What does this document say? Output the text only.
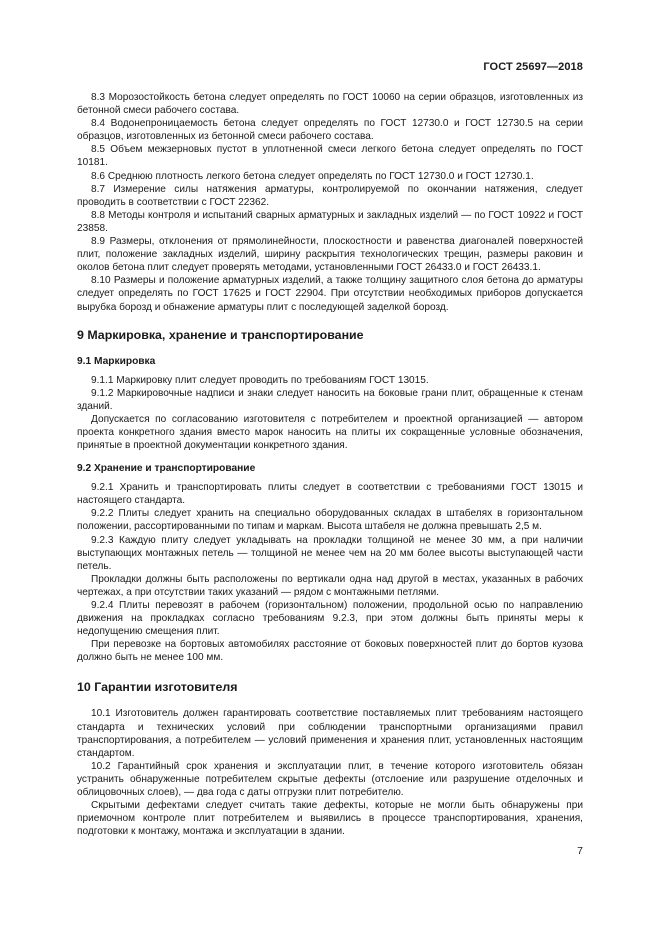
ГОСТ 25697—2018

8.3 Морозостойкость бетона следует определять по ГОСТ 10060 на серии образцов, изготовленных из бетонной смеси рабочего состава.

8.4 Водонепроницаемость бетона следует определять по ГОСТ 12730.0 и ГОСТ 12730.5 на серии образцов, изготовленных из бетонной смеси рабочего состава.

8.5 Объем межзерновых пустот в уплотненной смеси легкого бетона следует определять по ГОСТ 10181.

8.6 Среднюю плотность легкого бетона следует определять по ГОСТ 12730.0 и ГОСТ 12730.1.

8.7 Измерение силы натяжения арматуры, контролируемой по окончании натяжения, следует проводить в соответствии с ГОСТ 22362.

8.8 Методы контроля и испытаний сварных арматурных и закладных изделий — по ГОСТ 10922 и ГОСТ 23858.

8.9 Размеры, отклонения от прямолинейности, плоскостности и равенства диагоналей поверхностей плит, положение закладных изделий, ширину раскрытия технологических трещин, размеры раковин и околов бетона плит следует проверять методами, установленными ГОСТ 26433.0 и ГОСТ 26433.1.

8.10 Размеры и положение арматурных изделий, а также толщину защитного слоя бетона до арматуры следует определять по ГОСТ 17625 и ГОСТ 22904. При отсутствии необходимых приборов допускается вырубка борозд и обнажение арматуры плит с последующей заделкой борозд.

9 Маркировка, хранение и транспортирование
9.1 Маркировка

9.1.1 Маркировку плит следует проводить по требованиям ГОСТ 13015.

9.1.2 Маркировочные надписи и знаки следует наносить на боковые грани плит, обращенные к стенам зданий.

Допускается по согласованию изготовителя с потребителем и проектной организацией — автором проекта конкретного здания вместо марок наносить на плиты их сокращенные условные обозначения, принятые в проектной документации конкретного здания.

9.2 Хранение и транспортирование

9.2.1 Хранить и транспортировать плиты следует в соответствии с требованиями ГОСТ 13015 и настоящего стандарта.

9.2.2 Плиты следует хранить на специально оборудованных складах в штабелях в горизонтальном положении, рассортированными по типам и маркам. Высота штабеля не должна превышать 2,5 м.

9.2.3 Каждую плиту следует укладывать на прокладки толщиной не менее 30 мм, а при наличии выступающих монтажных петель — толщиной не менее чем на 20 мм более высоты выступающей части петель.

Прокладки должны быть расположены по вертикали одна над другой в местах, указанных в рабочих чертежах, а при отсутствии таких указаний — рядом с монтажными петлями.

9.2.4 Плиты перевозят в рабочем (горизонтальном) положении, продольной осью по направлению движения на прокладках согласно требованиям 9.2.3, при этом должны быть приняты меры к недопущению смещения плит.

При перевозке на бортовых автомобилях расстояние от боковых поверхностей плит до бортов кузова должно быть не менее 100 мм.

10 Гарантии изготовителя

10.1 Изготовитель должен гарантировать соответствие поставляемых плит требованиям настоящего стандарта и технических условий при соблюдении транспортными организациями правил транспортирования, а потребителем — условий применения и хранения плит, установленных настоящим стандартом.

10.2 Гарантийный срок хранения и эксплуатации плит, в течение которого изготовитель обязан устранить обнаруженные потребителем скрытые дефекты (отслоение или разрушение отделочных и облицовочных слоев), — два года с даты отгрузки плит потребителю.

Скрытыми дефектами следует считать такие дефекты, которые не могли быть обнаружены при приемочном контроле плит потребителем и выявились в процессе транспортирования, хранения, подготовки к монтажу, монтажа и эксплуатации в здании.

7
